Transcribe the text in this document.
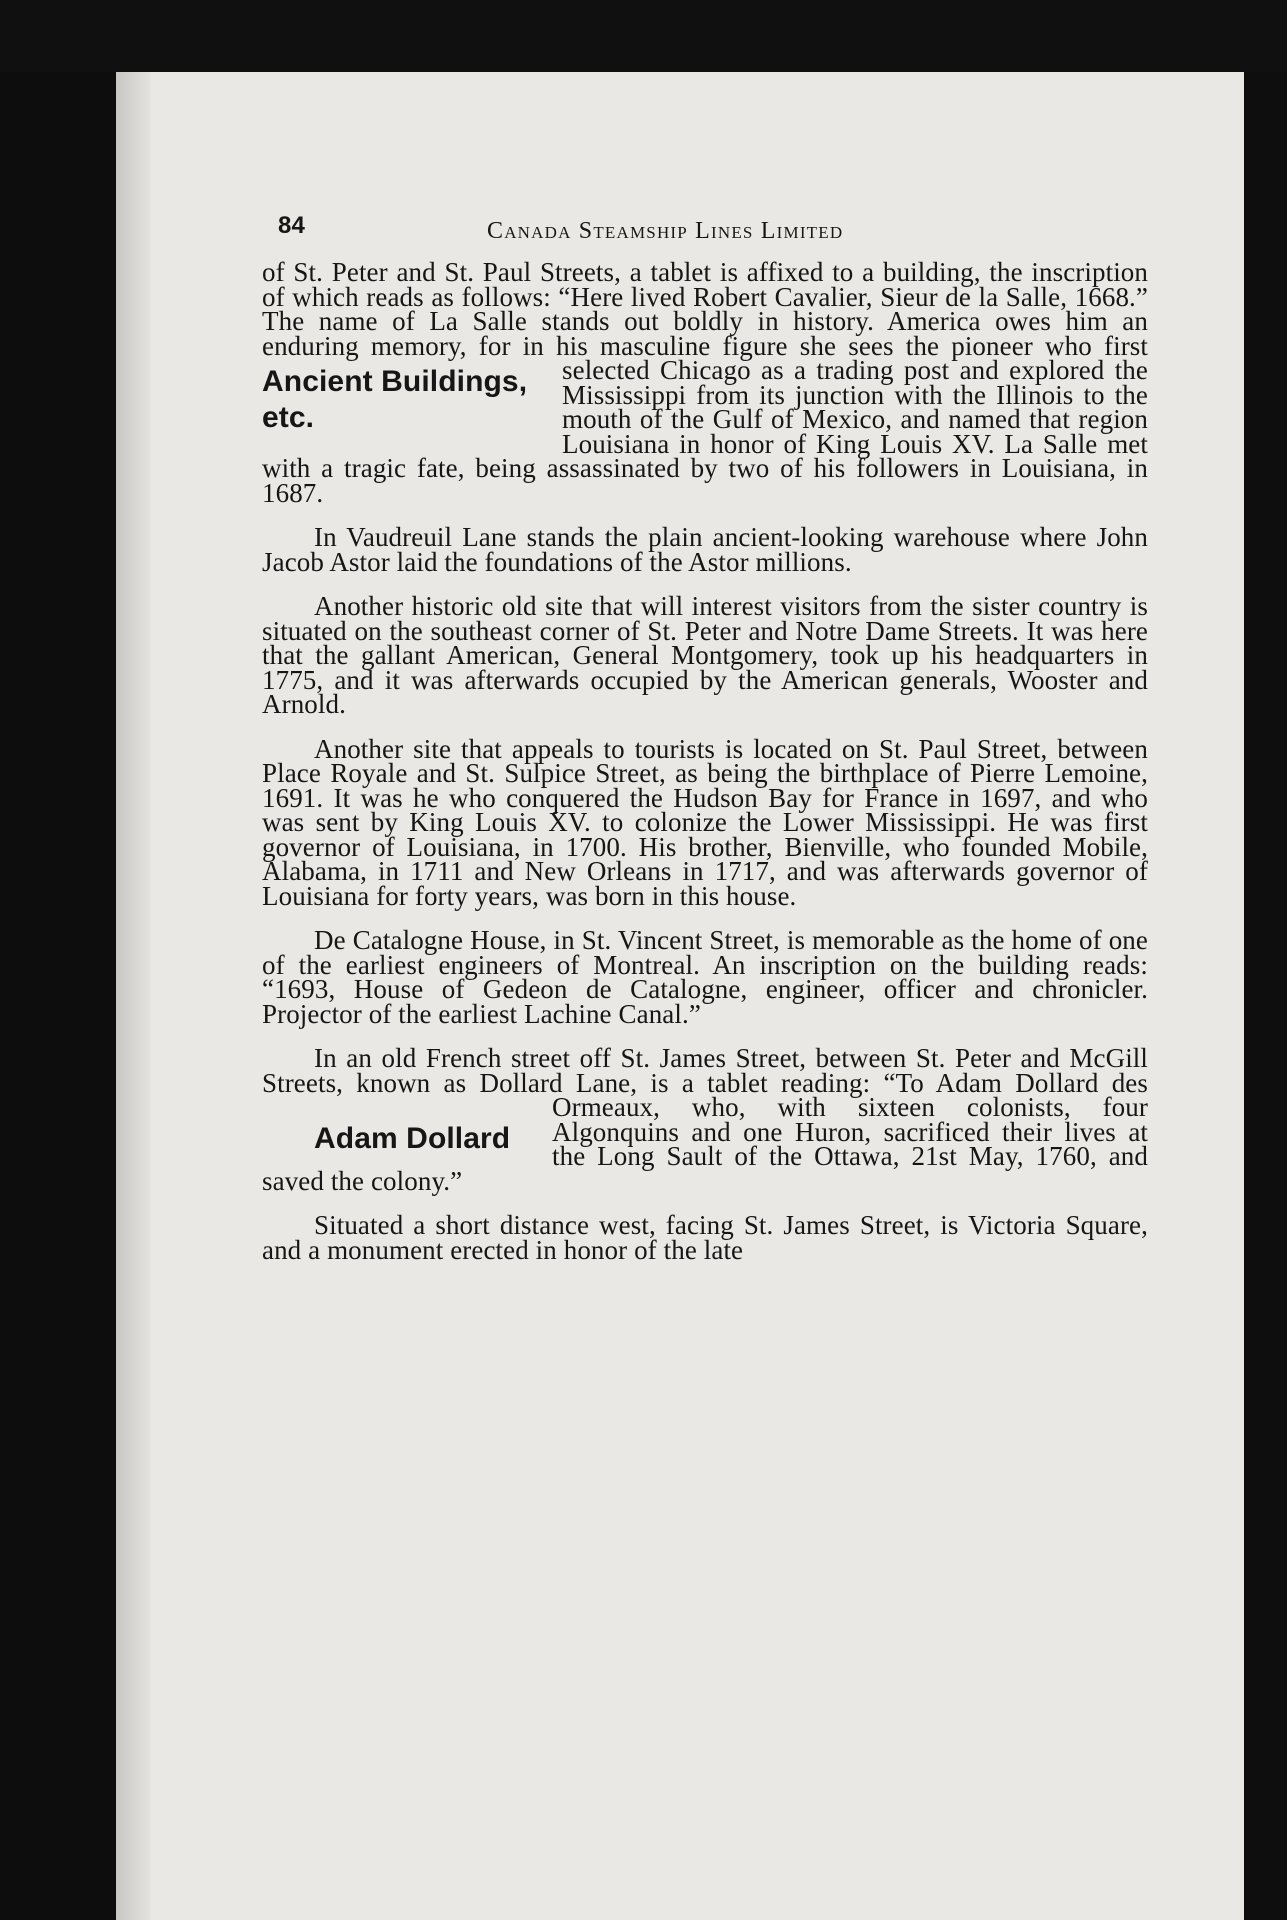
84	Canada Steamship Lines Limited

of St. Peter and St. Paul Streets, a tablet is affixed to a building, the inscription of which reads as follows: “Here lived Robert Cavalier, Sieur de la Salle, 1668.” The name of La Salle stands out boldly in history. America owes him an enduring memory, for in his masculine figure she sees
Ancient Buildings, etc.
the pioneer who first selected Chicago as a trading post and explored the Mississippi from its junction with the Illinois to the mouth of the Gulf of Mexico, and named that region Louisiana in honor of King Louis XV. La Salle met with a tragic fate, being assassinated by two of his followers in Louisiana, in 1687.

In Vaudreuil Lane stands the plain ancient-looking warehouse where John Jacob Astor laid the foundations of the Astor millions.

Another historic old site that will interest visitors from the sister country is situated on the southeast corner of St. Peter and Notre Dame Streets. It was here that the gallant American, General Montgomery, took up his headquarters in 1775, and it was afterwards occupied by the American generals, Wooster and Arnold.

Another site that appeals to tourists is located on St. Paul Street, between Place Royale and St. Sulpice Street, as being the birthplace of Pierre Lemoine, 1691. It was he who conquered the Hudson Bay for France in 1697, and who was sent by King Louis XV. to colonize the Lower Mississippi. He was first governor of Louisiana, in 1700. His brother, Bienville, who founded Mobile, Alabama, in 1711 and New Orleans in 1717, and was afterwards governor of Louisiana for forty years, was born in this house.

De Catalogne House, in St. Vincent Street, is memorable as the home of one of the earliest engineers of Montreal. An inscription on the building reads: “1693, House of Gedeon de Catalogne, engineer, officer and chronicler. Projector of the earliest Lachine Canal.”

In an old French street off St. James Street, between St. Peter and McGill Streets, known as Dollard Lane, is a tablet reading: “To Adam Dollard des Ormeaux, who, with sixteen
Adam Dollard
colonists, four Algonquins and one Huron, sacrificed their lives at the Long Sault of the Ottawa, 21st May, 1760, and saved the colony.”

Situated a short distance west, facing St. James Street, is Victoria Square, and a monument erected in honor of the late
